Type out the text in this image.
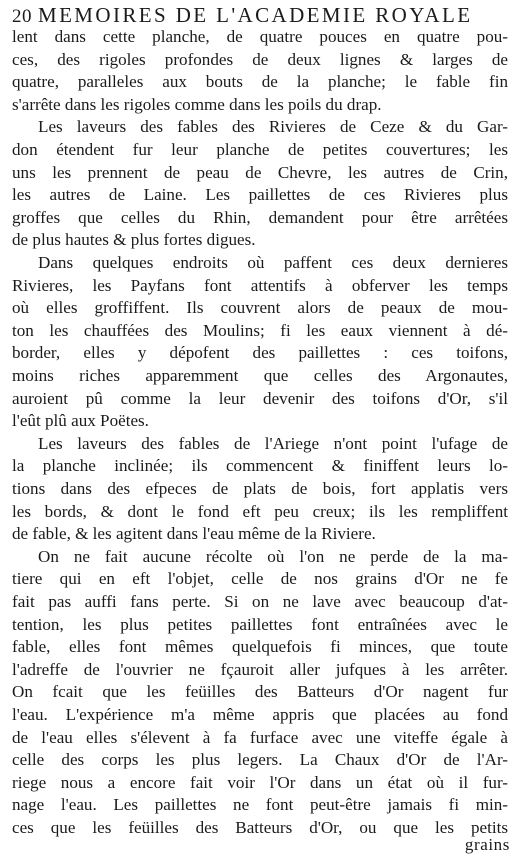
20 MEMOIRES DE L'ACADEMIE ROYALE
lent dans cette planche, de quatre pouces en quatre pou-
ces, des rigoles profondes de deux lignes & larges de
quatre, paralleles aux bouts de la planche; le fable fin
s'arrête dans les rigoles comme dans les poils du drap.
Les laveurs des fables des Rivieres de Ceze & du Gar-
don étendent fur leur planche de petites couvertures; les
uns les prennent de peau de Chevre, les autres de Crin,
les autres de Laine. Les paillettes de ces Rivieres plus
groffes que celles du Rhin, demandent pour être arrêtées
de plus hautes & plus fortes digues.
Dans quelques endroits où paffent ces deux dernieres
Rivieres, les Payfans font attentifs à obferver les temps
où elles groffiffent. Ils couvrent alors de peaux de mou-
ton les chauffées des Moulins; fi les eaux viennent à dé-
border, elles y dépofent des paillettes : ces toifons,
moins riches apparemment que celles des Argonautes,
auroient pû comme la leur devenir des toifons d'Or, s'il
l'eût plû aux Poëtes.
Les laveurs des fables de l'Ariege n'ont point l'ufage de
la planche inclinée; ils commencent & finiffent leurs lo-
tions dans des efpeces de plats de bois, fort applatis vers
les bords, & dont le fond eft peu creux; ils les rempliffent
de fable, & les agitent dans l'eau même de la Riviere.
On ne fait aucune récolte où l'on ne perde de la ma-
tiere qui en eft l'objet, celle de nos grains d'Or ne fe
fait pas auffi fans perte. Si on ne lave avec beaucoup d'at-
tention, les plus petites paillettes font entraînées avec le
fable, elles font mêmes quelquefois fi minces, que toute
l'adreffe de l'ouvrier ne fçauroit aller jufques à les arrêter.
On fcait que les feüilles des Batteurs d'Or nagent fur
l'eau. L'expérience m'a même appris que placées au fond
de l'eau elles s'élevent à fa furface avec une viteffe égale à
celle des corps les plus legers. La Chaux d'Or de l'Ar-
riege nous a encore fait voir l'Or dans un état où il fur-
nage l'eau. Les paillettes ne font peut-être jamais fi min-
ces que les feüilles des Batteurs d'Or, ou que les petits
grains
